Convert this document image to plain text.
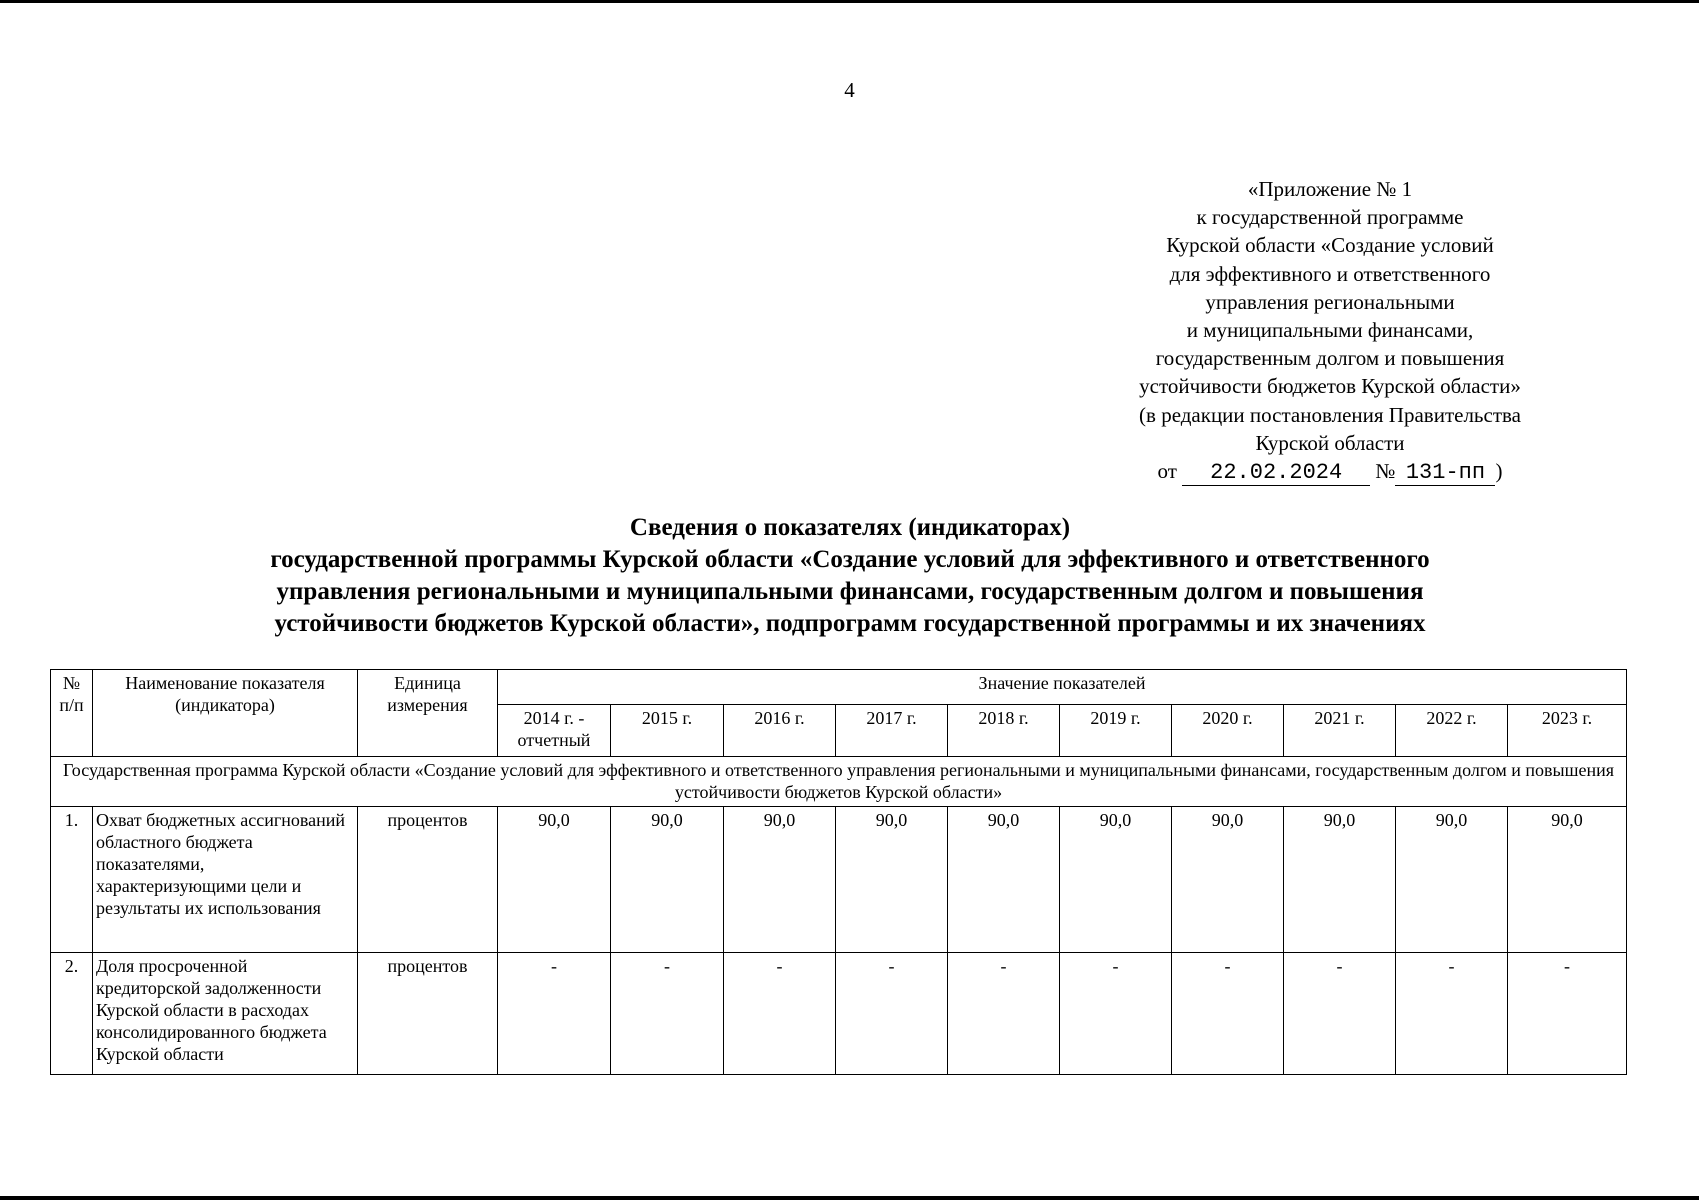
4
«Приложение № 1
к государственной программе
Курской области «Создание условий
для эффективного и ответственного
управления региональными
и муниципальными финансами,
государственным долгом и повышения
устойчивости бюджетов Курской области»
(в редакции постановления Правительства
Курской области
от 22.02.2024 № 131-пп )
Сведения о показателях (индикаторах)
государственной программы Курской области «Создание условий для эффективного и ответственного
управления региональными и муниципальными финансами, государственным долгом и повышения
устойчивости бюджетов Курской области», подпрограмм государственной программы и их значениях
№ п/п	Наименование показателя (индикатора)	Единица измерения	Значение показателей									
			2014 г. - отчетный	2015 г.	2016 г.	2017 г.	2018 г.	2019 г.	2020 г.	2021 г.	2022 г.	2023 г.
Государственная программа Курской области «Создание условий для эффективного и ответственного управления региональными и муниципальными финансами, государственным долгом и повышения устойчивости бюджетов Курской области»												
1.	Охват бюджетных ассигнований областного бюджета показателями, характеризующими цели и результаты их использования	процентов	90,0	90,0	90,0	90,0	90,0	90,0	90,0	90,0	90,0	90,0
2.	Доля просроченной кредиторской задолженности Курской области в расходах консолидированного бюджета Курской области	процентов	-	-	-	-	-	-	-	-	-	-
